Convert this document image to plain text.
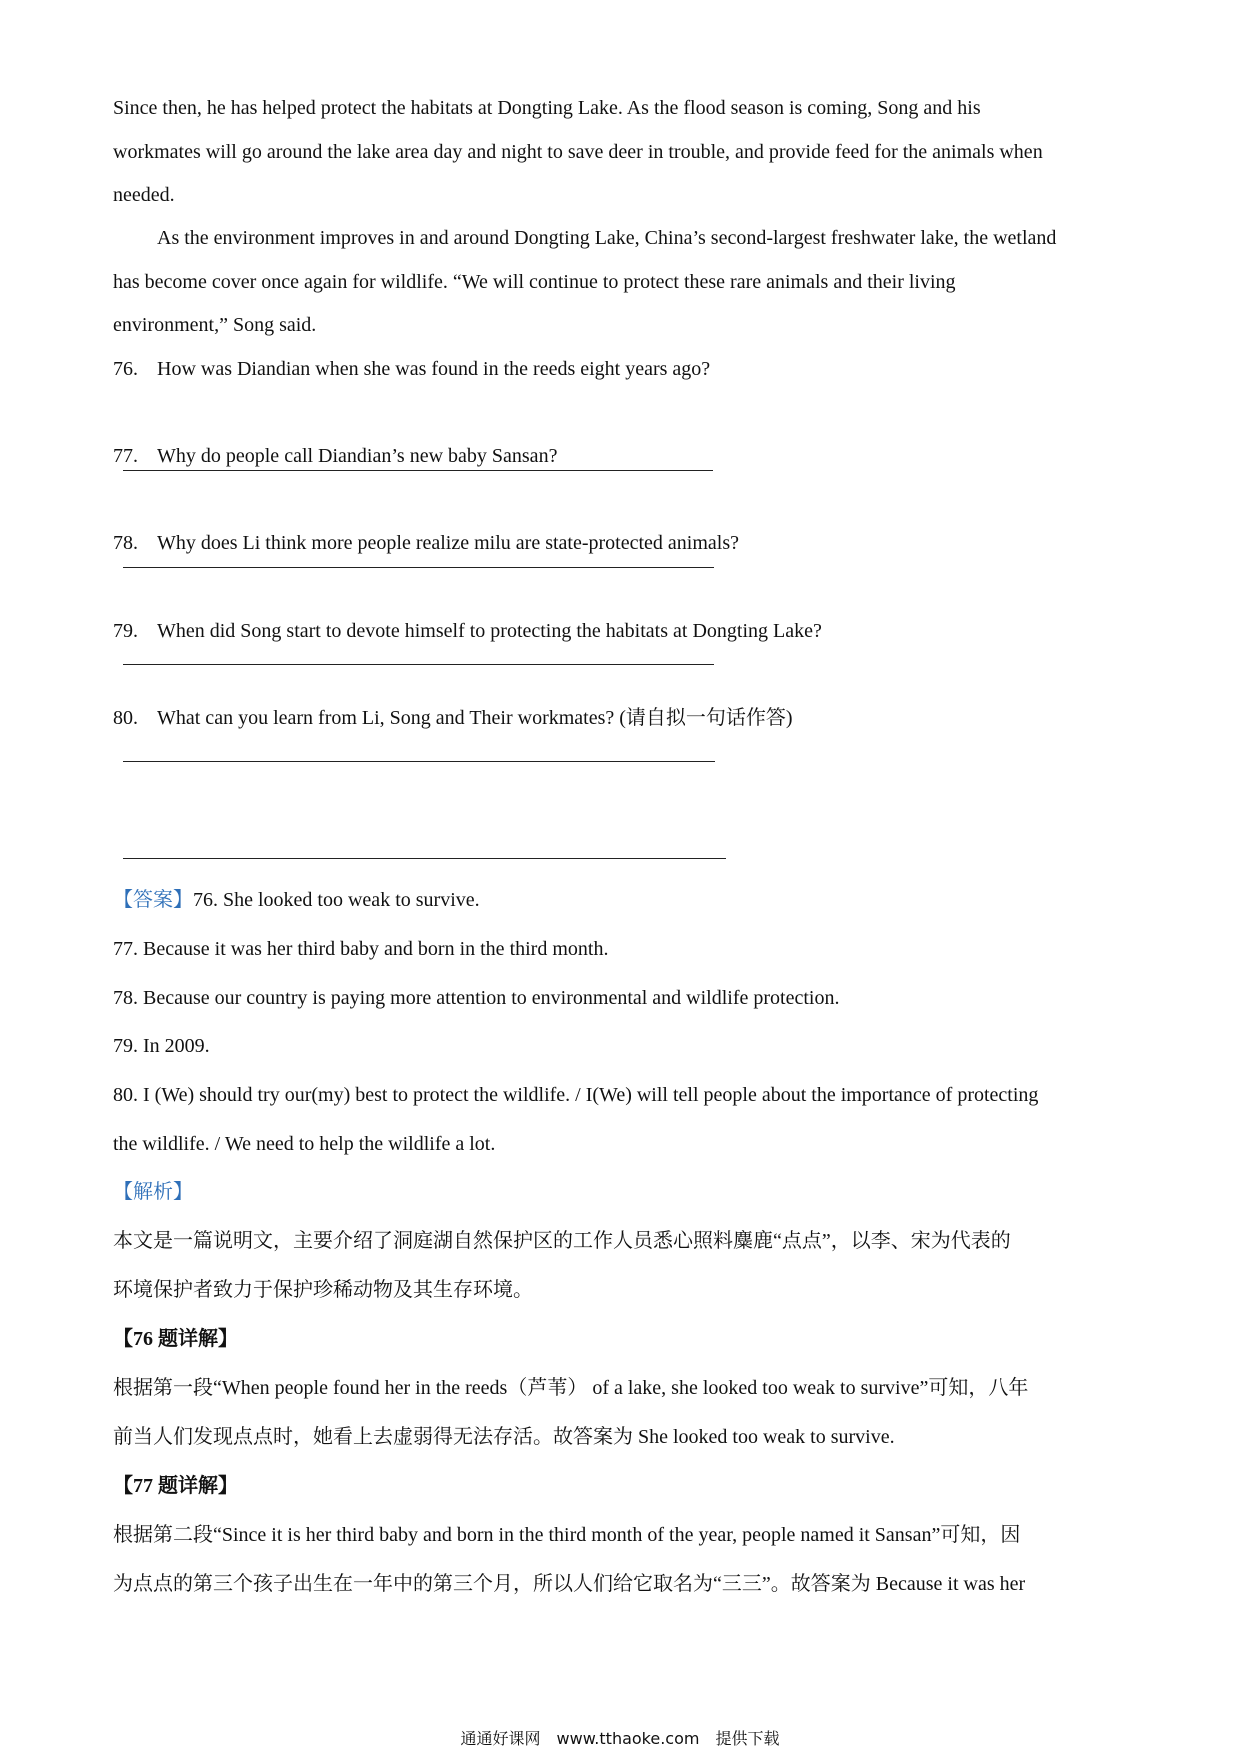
Since then, he has helped protect the habitats at Dongting Lake. As the flood season is coming, Song and his
workmates will go around the lake area day and night to save deer in trouble, and provide feed for the animals when
needed.
As the environment improves in and around Dongting Lake, China’s second-largest freshwater lake, the wetland
has become cover once again for wildlife. “We will continue to protect these rare animals and their living
environment,” Song said.
76. How was Diandian when she was found in the reeds eight years ago?
77. Why do people call Diandian’s new baby Sansan?
78. Why does Li think more people realize milu are state-protected animals?
79. When did Song start to devote himself to protecting the habitats at Dongting Lake?
80. What can you learn from Li, Song and Their workmates? (请自拟一句话作答)
【答案】76. She looked too weak to survive.
77. Because it was her third baby and born in the third month.
78. Because our country is paying more attention to environmental and wildlife protection.
79. In 2009.
80. I (We) should try our(my) best to protect the wildlife. / I(We) will tell people about the importance of protecting
the wildlife. / We need to help the wildlife a lot.
【解析】
本文是一篇说明文，主要介绍了洞庭湖自然保护区的工作人员悉心照料麋鹿“点点”，以李、宋为代表的
环境保护者致力于保护珍稀动物及其生存环境。
【76 题详解】
根据第一段“When people found her in the reeds（芦苇） of a lake, she looked too weak to survive”可知，八年
前当人们发现点点时，她看上去虚弱得无法存活。故答案为 She looked too weak to survive.
【77 题详解】
根据第二段“Since it is her third baby and born in the third month of the year, people named it Sansan”可知，因
为点点的第三个孩子出生在一年中的第三个月，所以人们给它取名为“三三”。故答案为 Because it was her
通通好课网　www.tthaoke.com　提供下载
